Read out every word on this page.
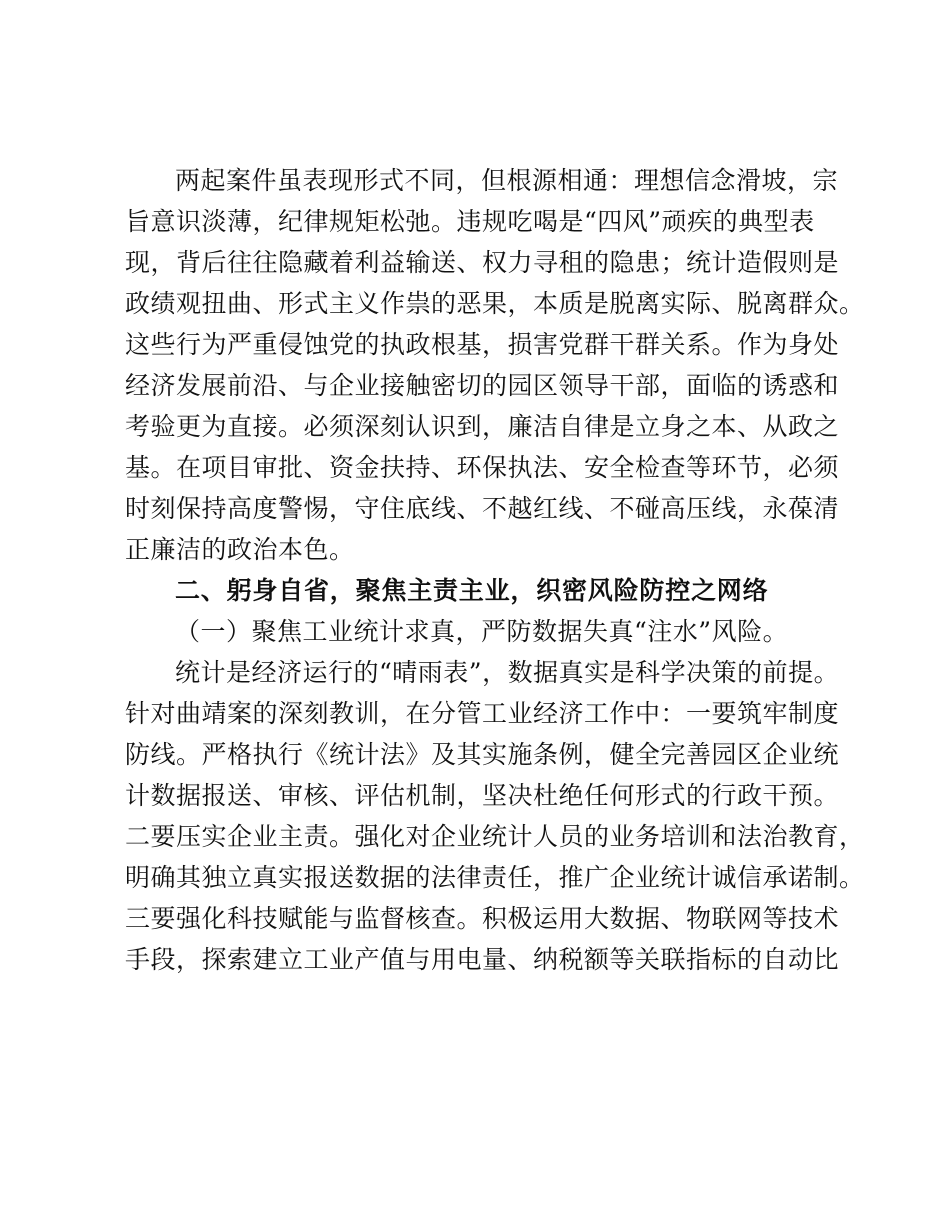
两起案件虽表现形式不同，但根源相通：理想信念滑坡，宗
旨意识淡薄，纪律规矩松弛。违规吃喝是“四风”顽疾的典型表
现，背后往往隐藏着利益输送、权力寻租的隐患；统计造假则是
政绩观扭曲、形式主义作祟的恶果，本质是脱离实际、脱离群众。
这些行为严重侵蚀党的执政根基，损害党群干群关系。作为身处
经济发展前沿、与企业接触密切的园区领导干部，面临的诱惑和
考验更为直接。必须深刻认识到，廉洁自律是立身之本、从政之
基。在项目审批、资金扶持、环保执法、安全检查等环节，必须
时刻保持高度警惕，守住底线、不越红线、不碰高压线，永葆清
正廉洁的政治本色。
二、躬身自省，聚焦主责主业，织密风险防控之网络
（一）聚焦工业统计求真，严防数据失真“注水”风险。
统计是经济运行的“晴雨表”，数据真实是科学决策的前提。
针对曲靖案的深刻教训，在分管工业经济工作中：一要筑牢制度
防线。严格执行《统计法》及其实施条例，健全完善园区企业统
计数据报送、审核、评估机制，坚决杜绝任何形式的行政干预。
二要压实企业主责。强化对企业统计人员的业务培训和法治教育，
明确其独立真实报送数据的法律责任，推广企业统计诚信承诺制。
三要强化科技赋能与监督核查。积极运用大数据、物联网等技术
手段，探索建立工业产值与用电量、纳税额等关联指标的自动比
